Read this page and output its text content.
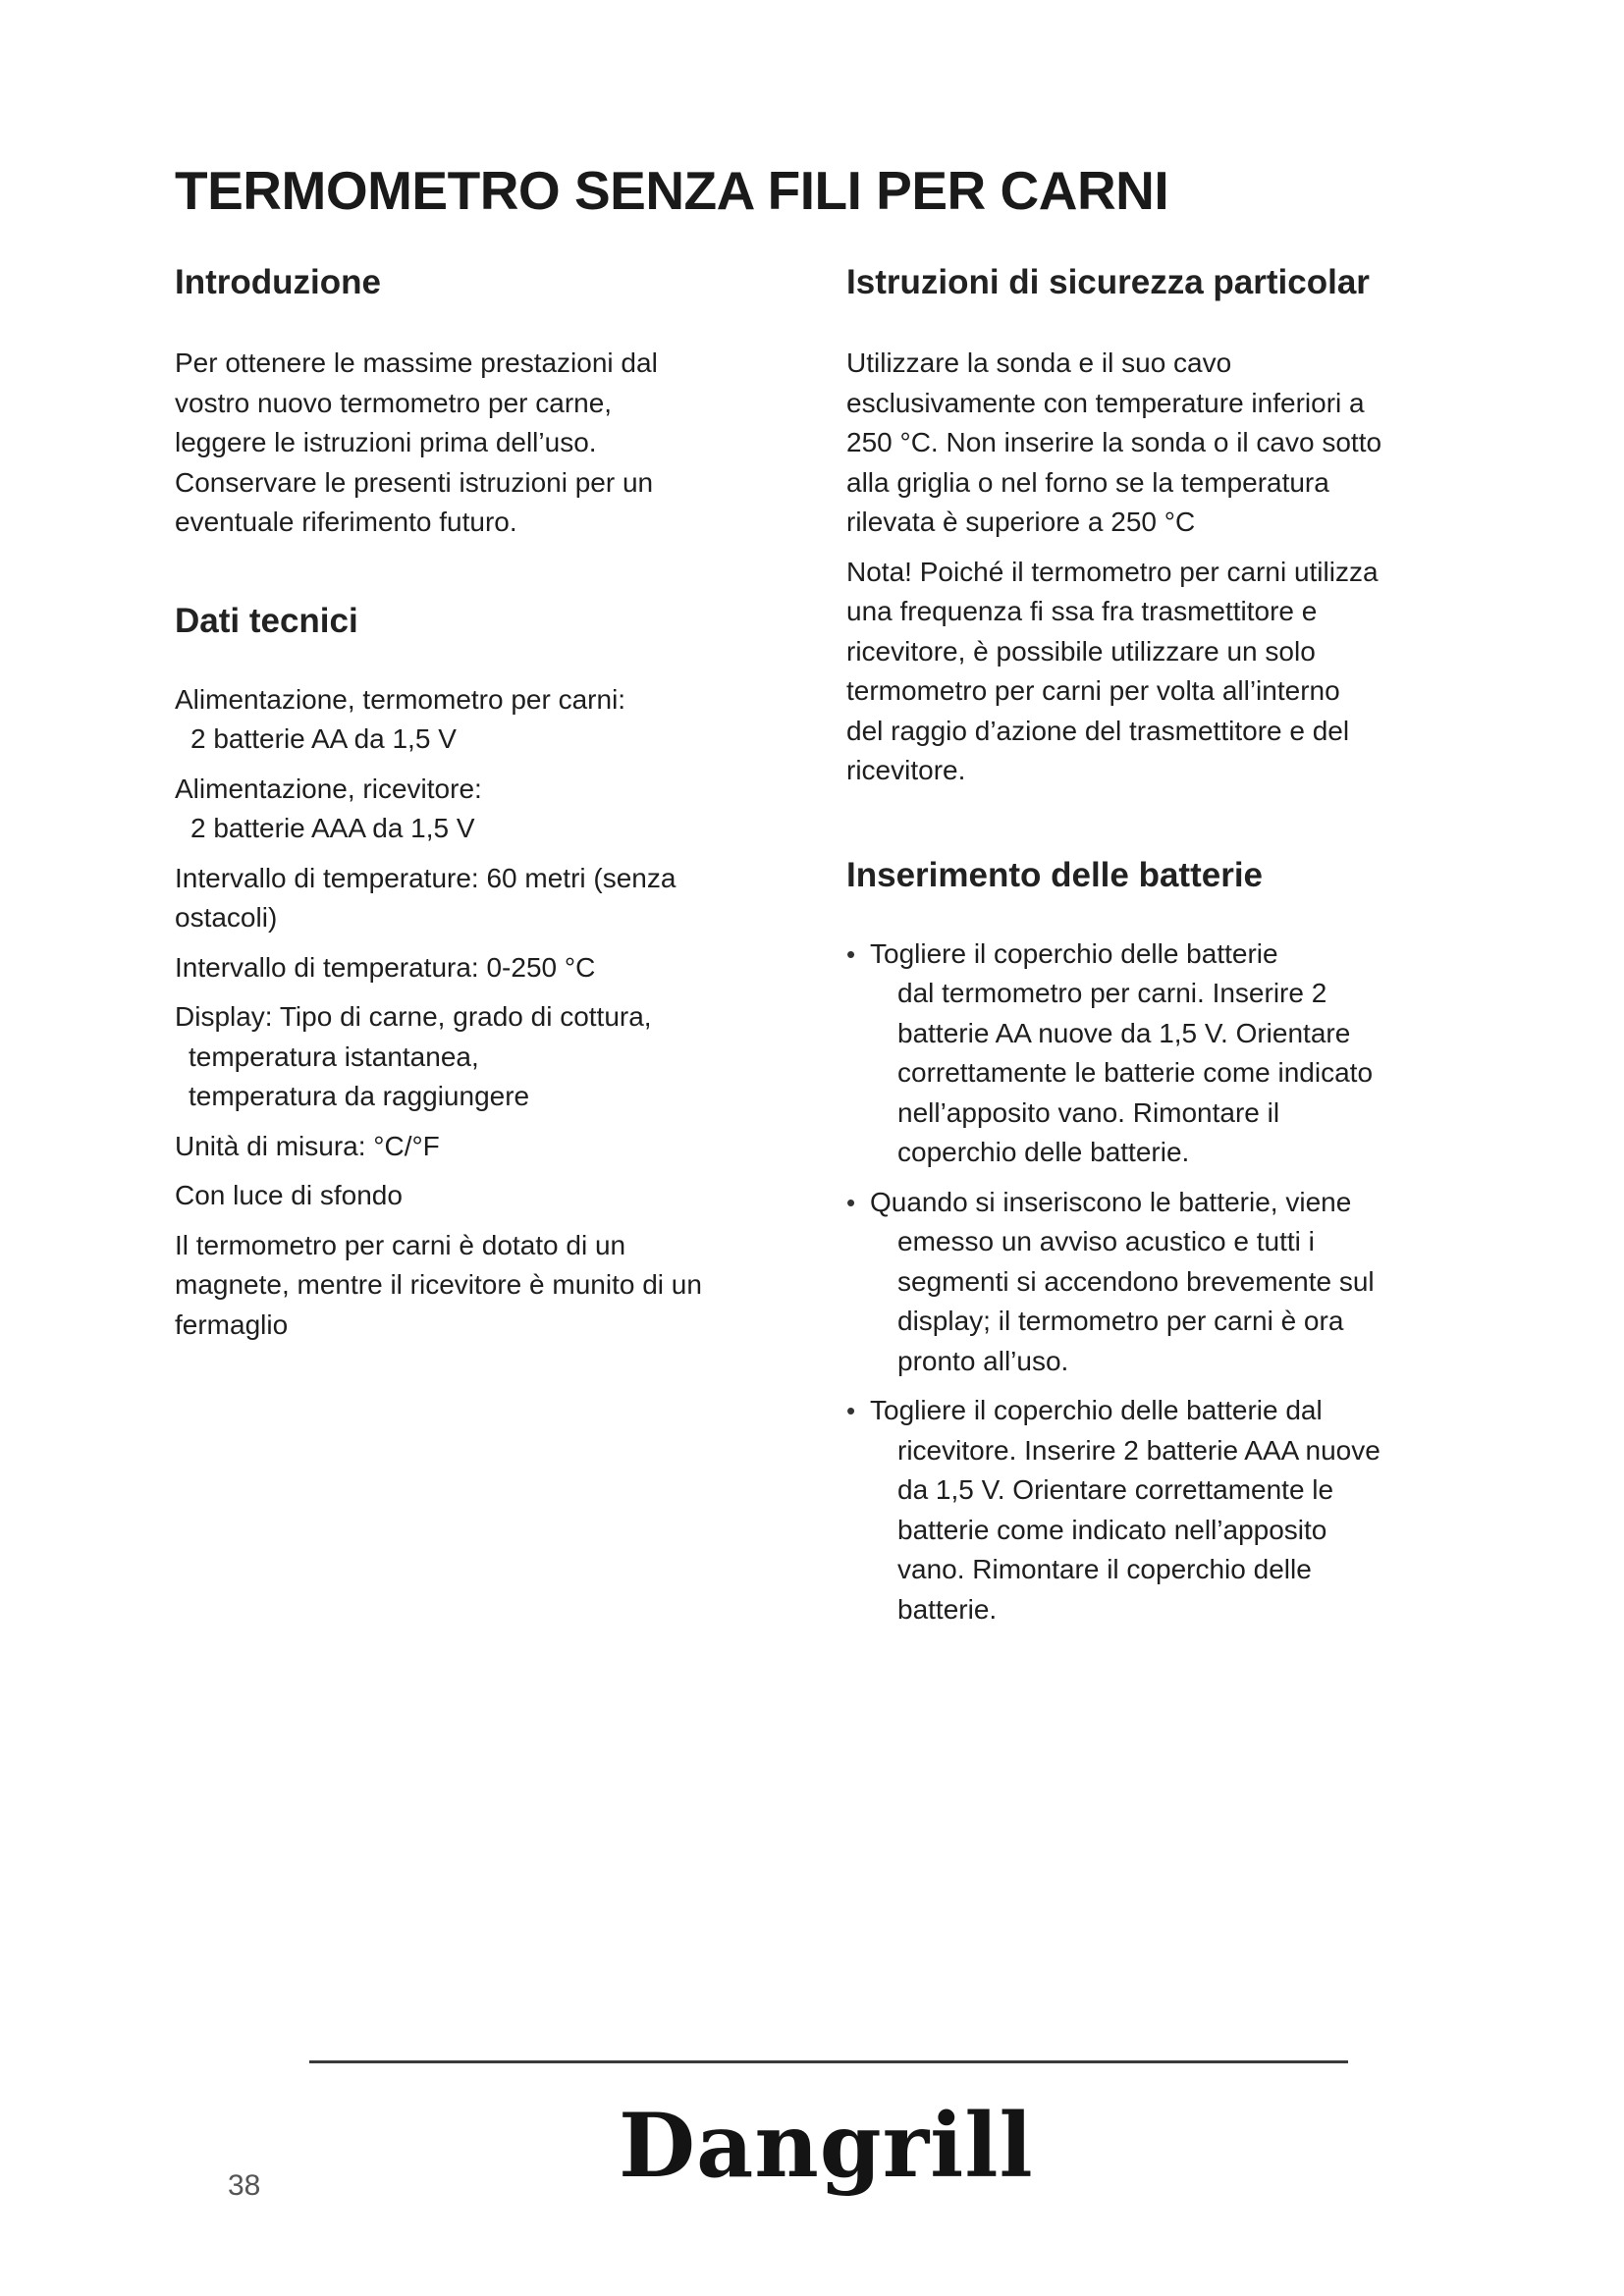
TERMOMETRO SENZA FILI PER CARNI
Introduzione

Per ottenere le massime prestazioni dal
vostro nuovo termometro per carne,
leggere le istruzioni prima dell’uso.
Conservare le presenti istruzioni per un
eventuale riferimento futuro.

Dati tecnici

Alimentazione, termometro per carni:
2 batterie AA da 1,5 V

Alimentazione, ricevitore:
2 batterie AAA da 1,5 V

Intervallo di temperature: 60 metri (senza
ostacoli)

Intervallo di temperatura: 0-250 °C

Display: Tipo di carne, grado di cottura,
temperatura istantanea,
temperatura da raggiungere

Unità di misura: °C/°F

Con luce di sfondo

Il termometro per carni è dotato di un
magnete, mentre il ricevitore è munito di un
fermaglio

Istruzioni di sicurezza particolar

Utilizzare la sonda e il suo cavo
esclusivamente con temperature inferiori a
250 °C. Non inserire la sonda o il cavo sotto
alla griglia o nel forno se la temperatura
rilevata è superiore a 250 °C

Nota! Poiché il termometro per carni utilizza
una frequenza fi ssa fra trasmettitore e
ricevitore, è possibile utilizzare un solo
termometro per carni per volta all’interno
del raggio d’azione del trasmettitore e del
ricevitore.

Inserimento delle batterie
• Togliere il coperchio delle batterie
dal termometro per carni. Inserire 2
batterie AA nuove da 1,5 V. Orientare
correttamente le batterie come indicato
nell’apposito vano. Rimontare il
coperchio delle batterie.
• Quando si inseriscono le batterie, viene
emesso un avviso acustico e tutti i
segmenti si accendono brevemente sul
display; il termometro per carni è ora
pronto all’uso.
• Togliere il coperchio delle batterie dal
ricevitore. Inserire 2 batterie AAA nuove
da 1,5 V. Orientare correttamente le
batterie come indicato nell’apposito
vano. Rimontare il coperchio delle
batterie.
Dangrill
38
